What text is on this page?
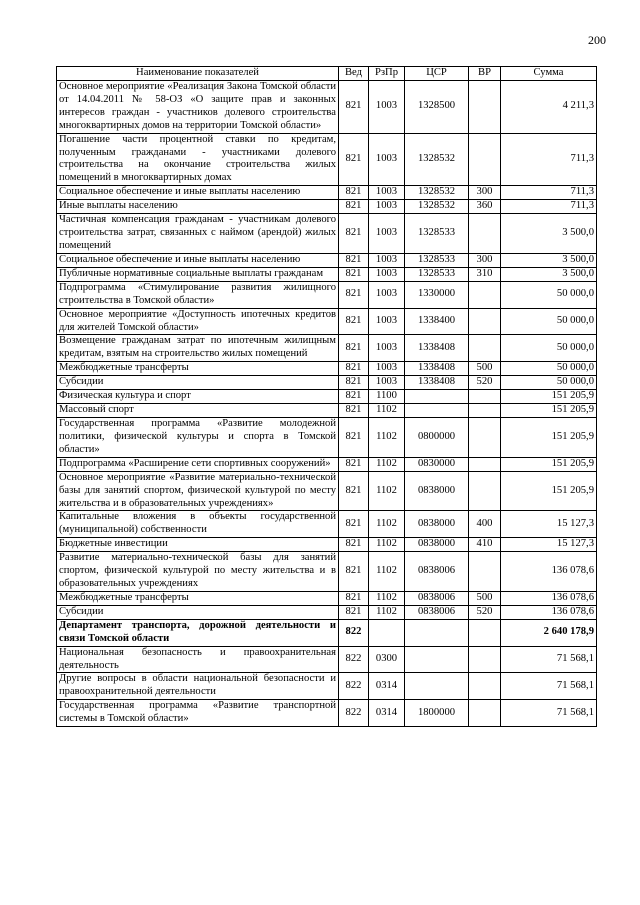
200
Наименование показателей	Вед	РзПр	ЦСР	ВР	Сумма
Основное мероприятие «Реализация Закона Томской области от 14.04.2011 № 58-ОЗ «О защите прав и законных интересов граждан - участников долевого строительства многоквартирных домов на территории Томской области»	821	1003	1328500		4 211,3
Погашение части процентной ставки по кредитам, полученным гражданами - участниками долевого строительства на окончание строительства жилых помещений в многоквартирных домах	821	1003	1328532		711,3
Социальное обеспечение и иные выплаты населению	821	1003	1328532	300	711,3
Иные выплаты населению	821	1003	1328532	360	711,3
Частичная компенсация гражданам - участникам долевого строительства затрат, связанных с наймом (арендой) жилых помещений	821	1003	1328533		3 500,0
Социальное обеспечение и иные выплаты населению	821	1003	1328533	300	3 500,0
Публичные нормативные социальные выплаты гражданам	821	1003	1328533	310	3 500,0
Подпрограмма «Стимулирование развития жилищного строительства в Томской области»	821	1003	1330000		50 000,0
Основное мероприятие «Доступность ипотечных кредитов для жителей Томской области»	821	1003	1338400		50 000,0
Возмещение гражданам затрат по ипотечным жилищным кредитам, взятым на строительство жилых помещений	821	1003	1338408		50 000,0
Межбюджетные трансферты	821	1003	1338408	500	50 000,0
Субсидии	821	1003	1338408	520	50 000,0
Физическая культура и спорт	821	1100			151 205,9
Массовый спорт	821	1102			151 205,9
Государственная программа «Развитие молодежной политики, физической культуры и спорта в Томской области»	821	1102	0800000		151 205,9
Подпрограмма «Расширение сети спортивных сооружений»	821	1102	0830000		151 205,9
Основное мероприятие «Развитие материально-технической базы для занятий спортом, физической культурой по месту жительства и в образовательных учреждениях»	821	1102	0838000		151 205,9
Капитальные вложения в объекты государственной (муниципальной) собственности	821	1102	0838000	400	15 127,3
Бюджетные инвестиции	821	1102	0838000	410	15 127,3
Развитие материально-технической базы для занятий спортом, физической культурой по месту жительства и в образовательных учреждениях	821	1102	0838006		136 078,6
Межбюджетные трансферты	821	1102	0838006	500	136 078,6
Субсидии	821	1102	0838006	520	136 078,6
Департамент транспорта, дорожной деятельности и связи Томской области	822				2 640 178,9
Национальная безопасность и правоохранительная деятельность	822	0300			71 568,1
Другие вопросы в области национальной безопасности и правоохранительной деятельности	822	0314			71 568,1
Государственная программа «Развитие транспортной системы в Томской области»	822	0314	1800000		71 568,1
